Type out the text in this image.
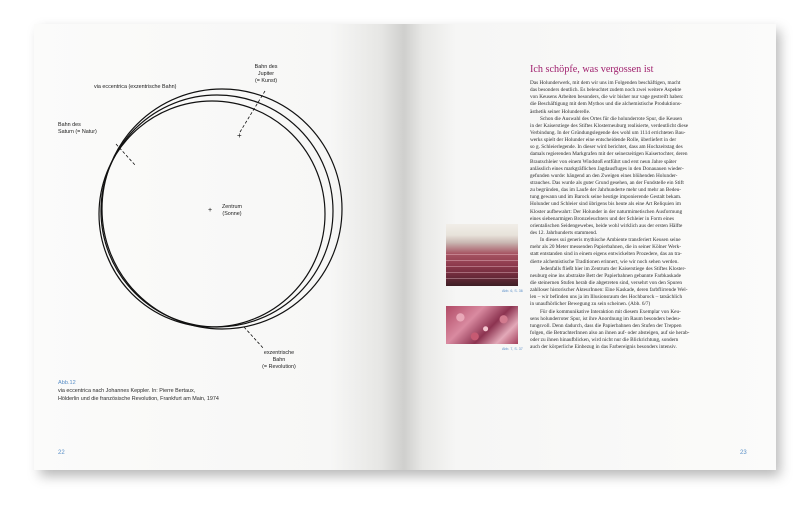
+
+
via eccentrica (exzentrische Bahn)
Bahn des
Jupiter
(= Kunst)
Bahn des
Saturn (= Natur)
Zentrum
(Sonne)
exzentrische
Bahn
(= Revolution)
Abb.12
via eccentrica nach Johannes Keppler. In: Pierre Bertaux,
Hölderlin und die französische Revolution, Frankfurt am Main, 1974
22
Ich schöpfe, was vergossen ist
Das Holunderwerk, mit dem wir uns im Folgenden beschäftigen, macht
das besonders deutlich. Es beleuchtet zudem noch zwei weitere Aspekte
von Keusens Arbeiten besonders, die wir bisher nur vage gestreift haben:
die Beschäftigung mit dem Mythos und die alchemistische Produktions-
ästhetik seiner Holunderelle.
Schon die Auswahl des Ortes für die holunderrote Spur, die Keusen
in der Kaiserstiege des Stiftes Klosterneuburg realisierte, verdeutlicht diese
Verbindung. In der Gründungslegende des wohl um 1114 errichteten Bau-
werks spielt der Holunder eine entscheidende Rolle, überliefert in der
so g. Schleierlegende. In dieser wird berichtet, dass am Hochzeitstag des
damals regierenden Markgrafen mit der seinerzeitigen Kaisertochter, deren
Brautschleier von einem Windstoß entführt und erst neun Jahre später
anlässlich eines markgräflichen Jagdausfluges in den Donauauen wieder-
gefunden wurde: hängend an den Zweigen eines blühenden Holunder-
strauches. Das wurde als guter Grund gesehen, an der Fundstelle ein Stift
zu begründen, das im Laufe der Jahrhunderte mehr und mehr an Bedeu-
tung gewann und im Barock seine heutige imponierende Gestalt bekam.
Holunder und Schleier sind übrigens bis heute als eine Art Reliquien im
Kloster aufbewahrt: Der Holunder in der naturmimetischen Ausformung
eines siebenarmigen Bronzeleuchters und der Schleier in Form eines
orientalischen Seidengewebes, beide wohl wirklich aus der ersten Hälfte
des 12. Jahrhunderts stammend.
In dieses sui generis mythische Ambiente transferiert Keusen seine
mehr als 20 Meter messenden Papierbahnen, die in seiner Kölner Werk-
statt entstanden sind in einem eigens entwickelten Prozedere, das an tra-
dierte alchemistische Traditionen erinnert, wie wir noch sehen werden.
Jedenfalls fließt hier im Zentrum der Kaiserstiege des Stiftes Kloster-
neuburg eine ins abstrakte Bett der Papierbahnen gebannte Farbkaskade
die steinernen Stufen herab die abgetreten sind, versehrt von den Spuren
zahlloser historischer AkteurInnen: Eine Kaskade, deren farbflirrende Wel-
len – wir befinden uns ja im Illusionsraum des Hochbarock – tatsächlich
in unaufhörlicher Bewegung zu sein scheinen. (Abb. 6/7)
Für die kommunikative Interaktion mit diesem Exemplar von Keu-
sens holunderroter Spur, ist ihre Anordnung im Raum besonders bedeu-
tungsvoll. Denn dadurch, dass die Papierbahnen den Stufen der Treppen
folgen, die BetrachterInnen also an ihnen auf- oder absteigen, auf sie herab-
oder zu ihnen hinaufblicken, wird nicht nur die Blickrichtung, sondern
auch der körperliche Einbezug in das Farbereignis besonders intensiv.
Abb. 6, S. 36
Abb. 7, S. 37
23
